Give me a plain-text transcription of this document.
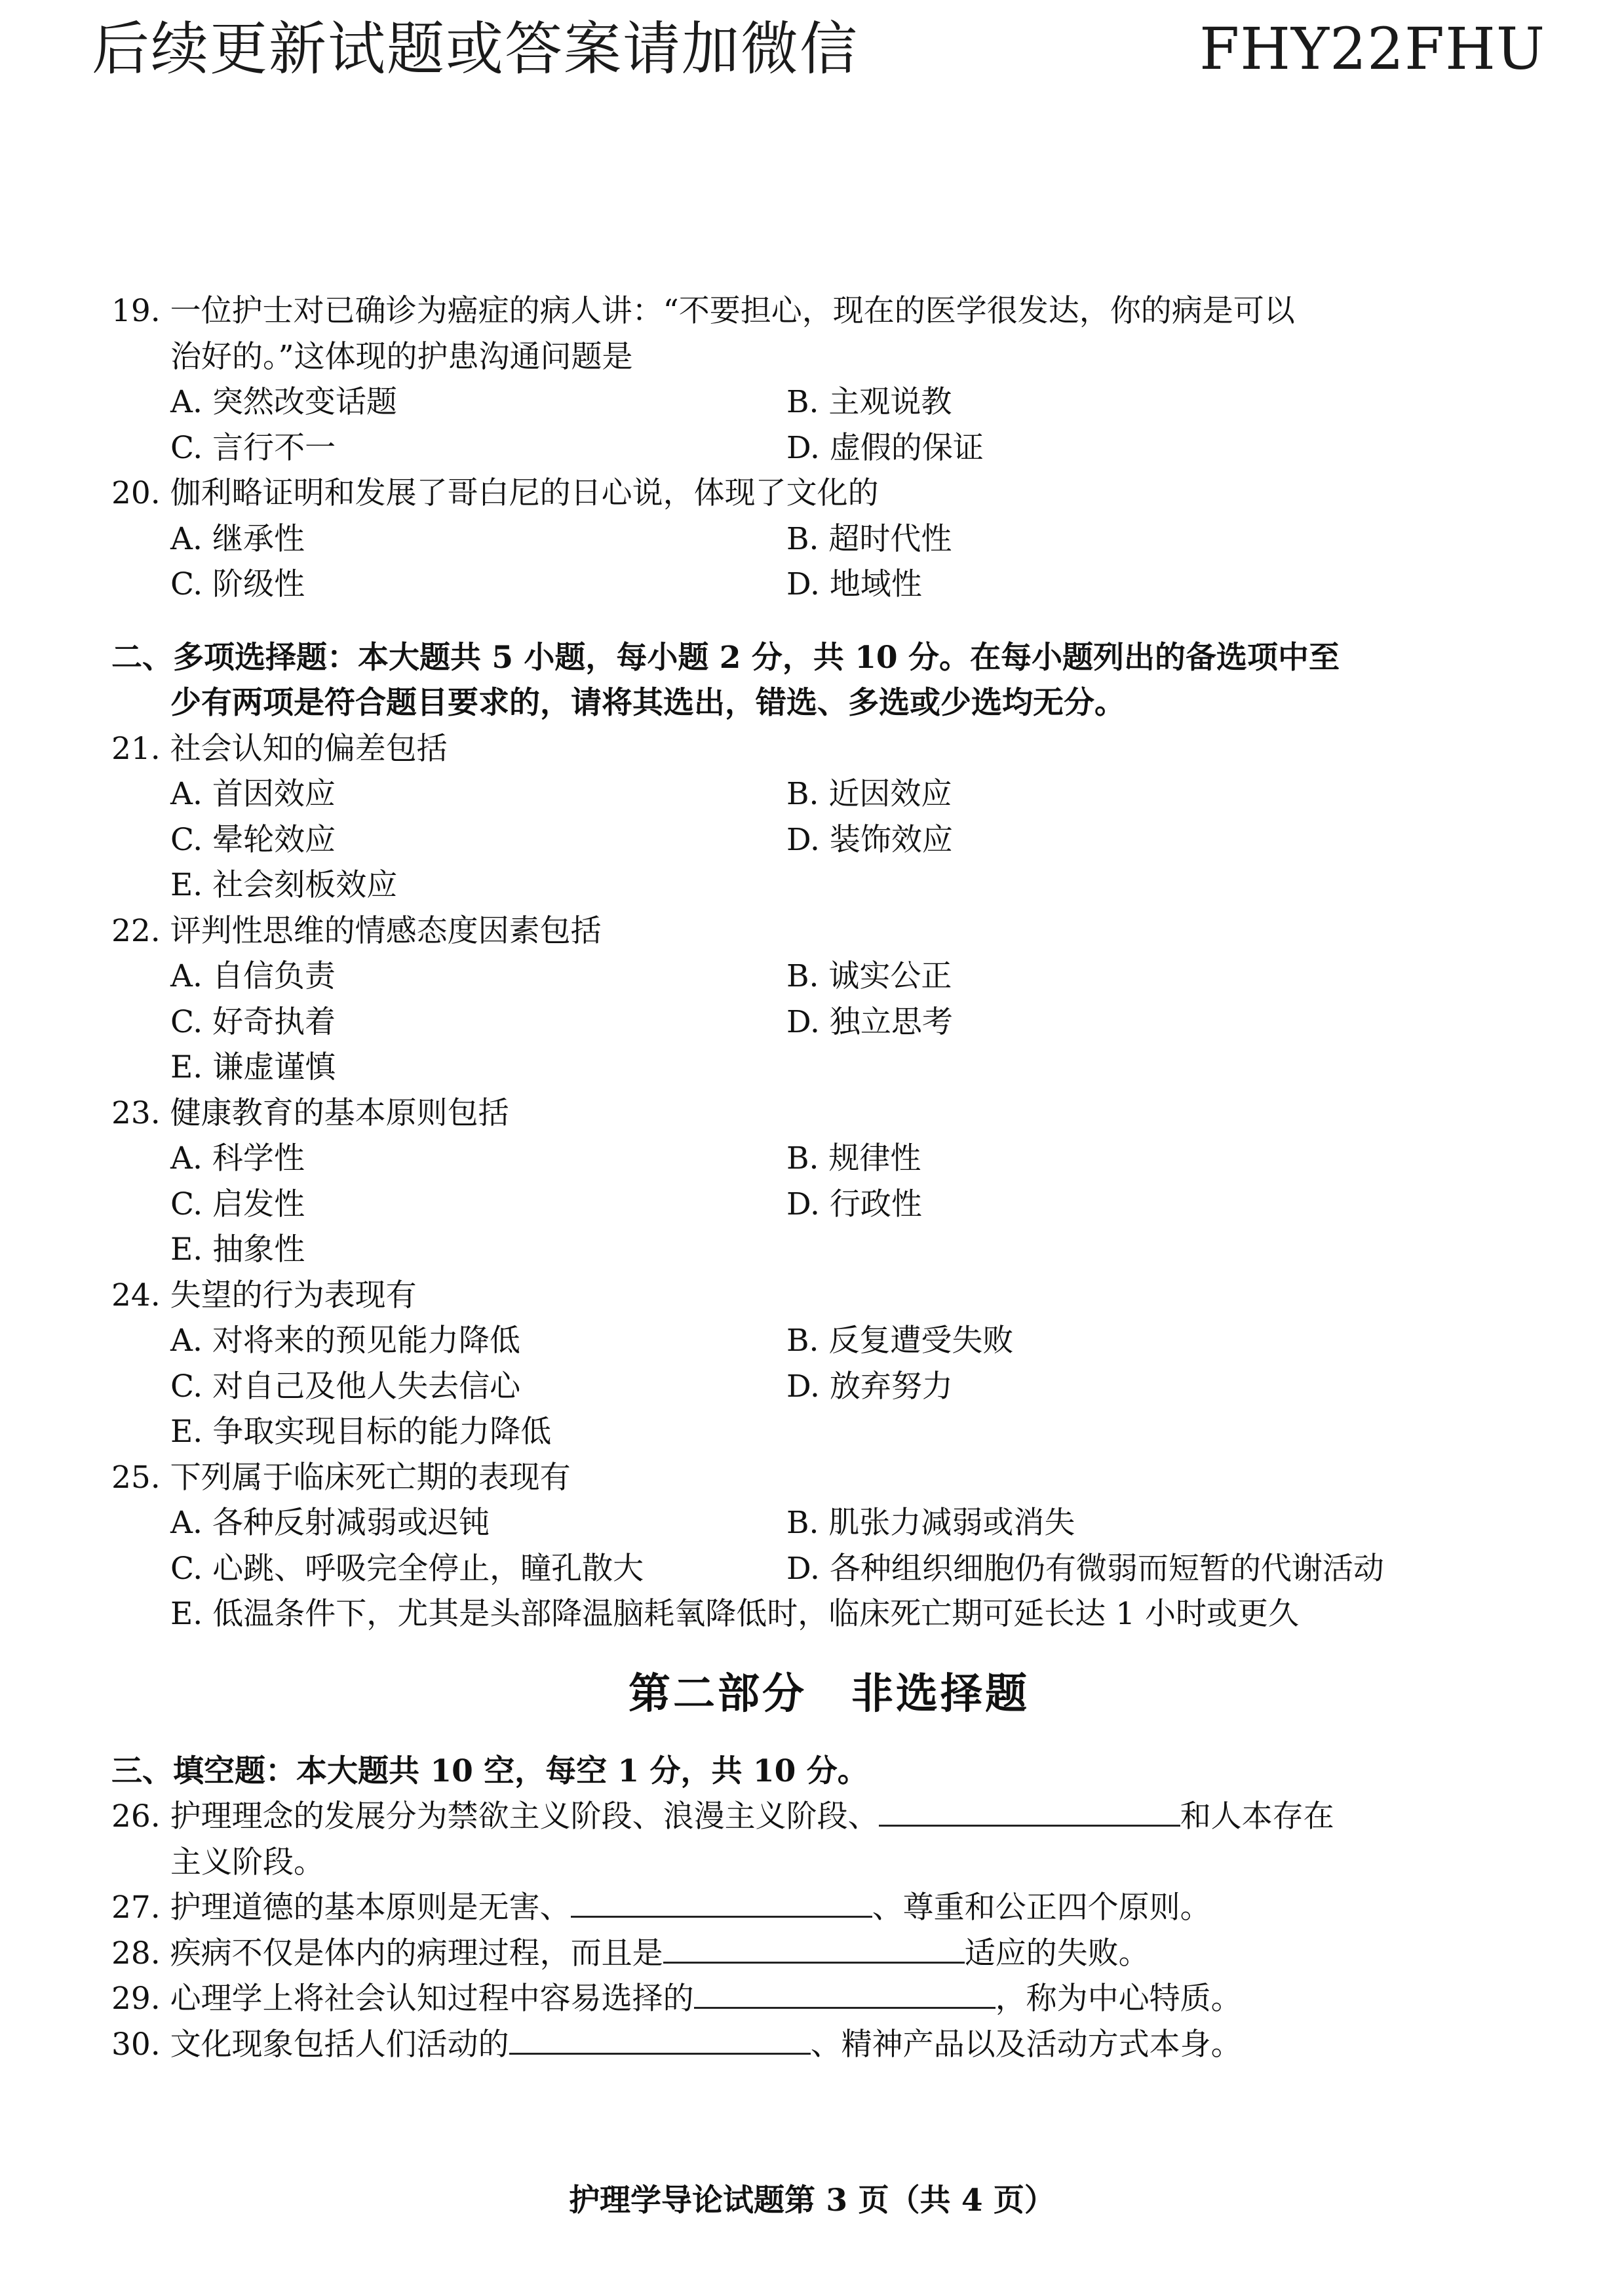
后续更新试题或答案请加微信	FHY22FHU
19. 一位护士对已确诊为癌症的病人讲：“不要担心，现在的医学很发达，你的病是可以
治好的。”这体现的护患沟通问题是
A. 突然改变话题	B. 主观说教
C. 言行不一	D. 虚假的保证
20. 伽利略证明和发展了哥白尼的日心说，体现了文化的
A. 继承性	B. 超时代性
C. 阶级性	D. 地域性
二、多项选择题：本大题共 5 小题，每小题 2 分，共 10 分。在每小题列出的备选项中至
少有两项是符合题目要求的，请将其选出，错选、多选或少选均无分。
21. 社会认知的偏差包括
A. 首因效应	B. 近因效应
C. 晕轮效应	D. 装饰效应
E. 社会刻板效应
22. 评判性思维的情感态度因素包括
A. 自信负责	B. 诚实公正
C. 好奇执着	D. 独立思考
E. 谦虚谨慎
23. 健康教育的基本原则包括
A. 科学性	B. 规律性
C. 启发性	D. 行政性
E. 抽象性
24. 失望的行为表现有
A. 对将来的预见能力降低	B. 反复遭受失败
C. 对自己及他人失去信心	D. 放弃努力
E. 争取实现目标的能力降低
25. 下列属于临床死亡期的表现有
A. 各种反射减弱或迟钝	B. 肌张力减弱或消失
C. 心跳、呼吸完全停止，瞳孔散大	D. 各种组织细胞仍有微弱而短暂的代谢活动
E. 低温条件下，尤其是头部降温脑耗氧降低时，临床死亡期可延长达 1 小时或更久
第二部分　非选择题
三、填空题：本大题共 10 空，每空 1 分，共 10 分。
26. 护理理念的发展分为禁欲主义阶段、浪漫主义阶段、	和人本存在
主义阶段。
27. 护理道德的基本原则是无害、	、尊重和公正四个原则。
28. 疾病不仅是体内的病理过程，而且是	适应的失败。
29. 心理学上将社会认知过程中容易选择的	，称为中心特质。
30. 文化现象包括人们活动的	、精神产品以及活动方式本身。
护理学导论试题第 3 页（共 4 页）
